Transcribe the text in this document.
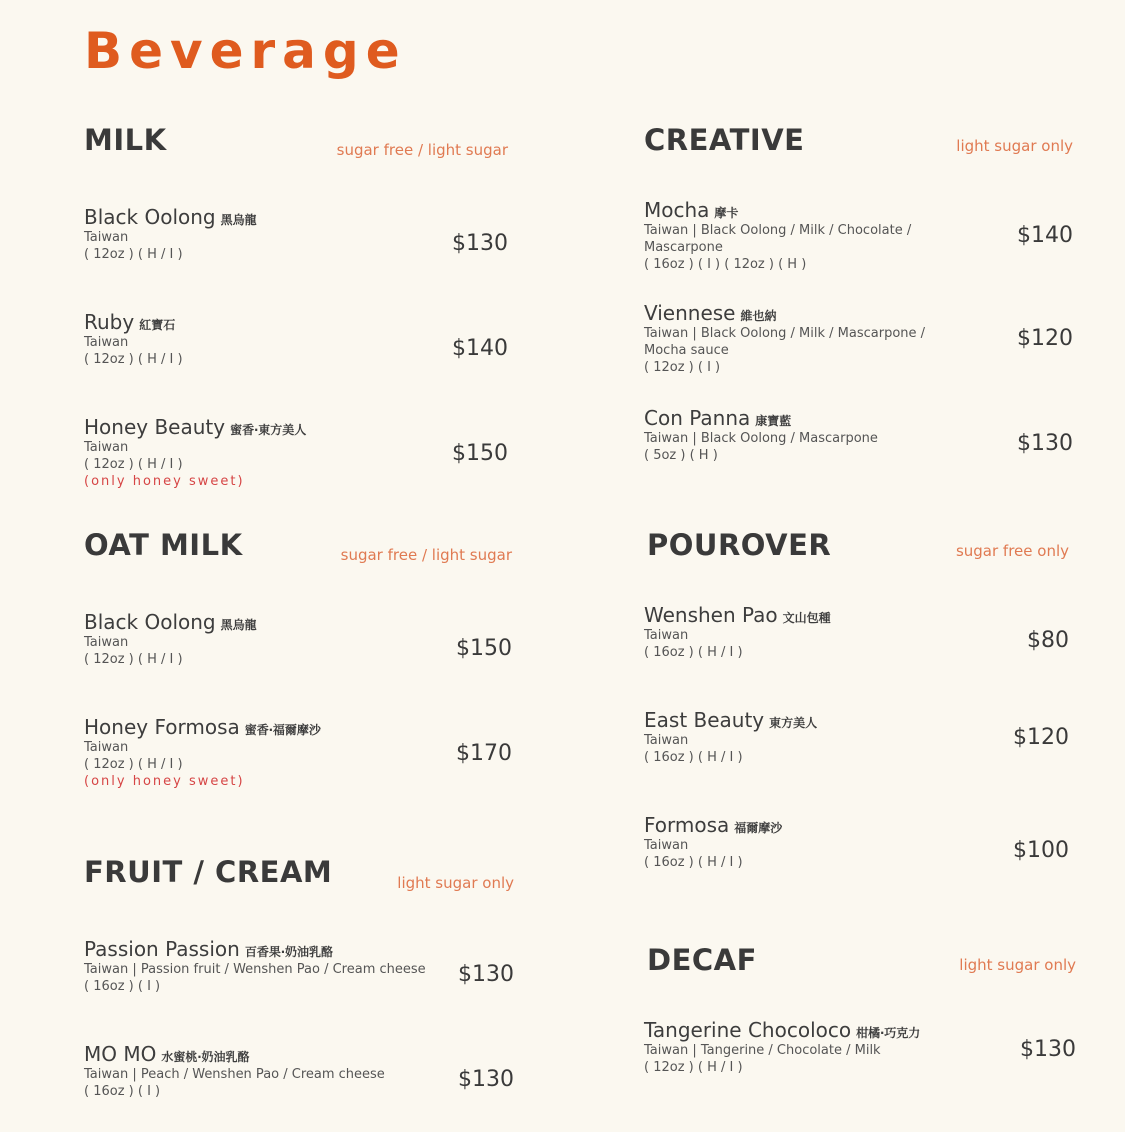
Beverage
MILK	sugar free / light sugar
Black Oolong 黑烏龍
Taiwan
( 12oz ) ( H / I )	$130
Ruby 紅寶石
Taiwan
( 12oz ) ( H / I )	$140
Honey Beauty 蜜香‧東方美人
Taiwan
( 12oz ) ( H / I )
(only honey sweet)
$150
OAT MILK	sugar free / light sugar
Black Oolong 黑烏龍
Taiwan
( 12oz ) ( H / I )	$150
Honey Formosa 蜜香‧福爾摩沙
Taiwan
( 12oz ) ( H / I )
(only honey sweet)
$170
FRUIT / CREAM	light sugar only
Passion Passion 百香果‧奶油乳酪
Taiwan | Passion fruit / Wenshen Pao / Cream cheese
( 16oz ) ( I )	$130
MO MO 水蜜桃‧奶油乳酪
Taiwan | Peach / Wenshen Pao / Cream cheese
( 16oz ) ( I )	$130
CREATIVE	light sugar only
Mocha 摩卡
Taiwan | Black Oolong / Milk / Chocolate / Mascarpone
( 16oz ) ( I ) ( 12oz ) ( H )
$140
Viennese 維也納
Taiwan | Black Oolong / Milk / Mascarpone / Mocha sauce
( 12oz ) ( I )
$120
Con Panna 康寶藍
Taiwan | Black Oolong / Mascarpone
( 5oz ) ( H )	$130
POUROVER	sugar free only
Wenshen Pao 文山包種
Taiwan
( 16oz ) ( H / I )	$80
East Beauty 東方美人
Taiwan
( 16oz ) ( H / I )
$120
Formosa 福爾摩沙
Taiwan
( 16oz ) ( H / I )	$100
DECAF	light sugar only
Tangerine Chocoloco 柑橘‧巧克力
Taiwan | Tangerine / Chocolate / Milk
( 12oz ) ( H / I )
$130
